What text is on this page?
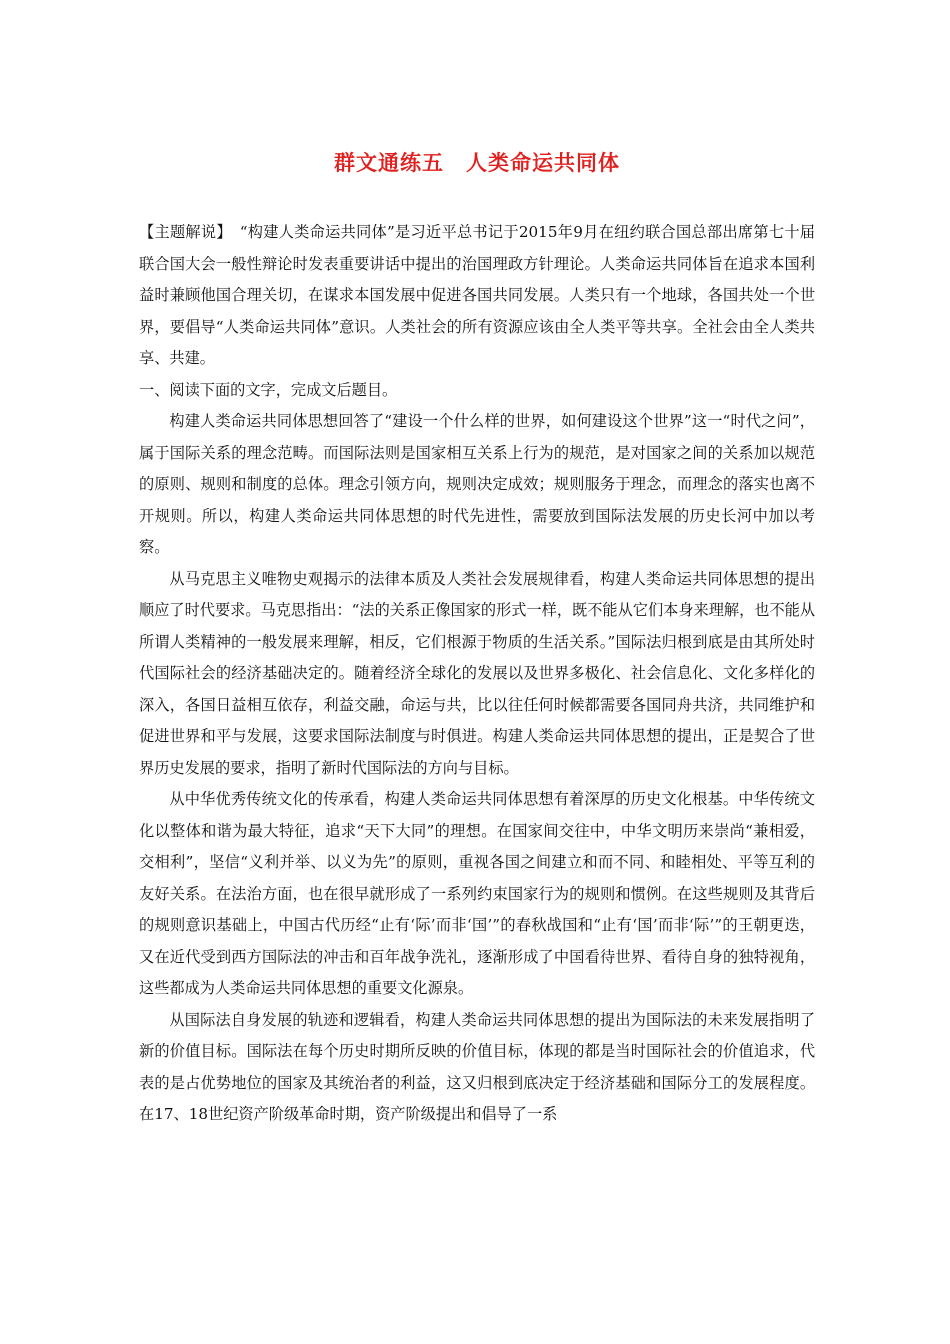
群文通练五　人类命运共同体

【主题解说】　“构建人类命运共同体”是习近平总书记于2015年9月在纽约联合国总部出席第七十届联合国大会一般性辩论时发表重要讲话中提出的治国理政方针理论。人类命运共同体旨在追求本国利益时兼顾他国合理关切，在谋求本国发展中促进各国共同发展。人类只有一个地球，各国共处一个世界，要倡导“人类命运共同体”意识。人类社会的所有资源应该由全人类平等共享。全社会由全人类共享、共建。

一、阅读下面的文字，完成文后题目。

构建人类命运共同体思想回答了“建设一个什么样的世界，如何建设这个世界”这一“时代之问”，属于国际关系的理念范畴。而国际法则是国家相互关系上行为的规范，是对国家之间的关系加以规范的原则、规则和制度的总体。理念引领方向，规则决定成效；规则服务于理念，而理念的落实也离不开规则。所以，构建人类命运共同体思想的时代先进性，需要放到国际法发展的历史长河中加以考察。

从马克思主义唯物史观揭示的法律本质及人类社会发展规律看，构建人类命运共同体思想的提出顺应了时代要求。马克思指出：“法的关系正像国家的形式一样，既不能从它们本身来理解，也不能从所谓人类精神的一般发展来理解，相反，它们根源于物质的生活关系。”国际法归根到底是由其所处时代国际社会的经济基础决定的。随着经济全球化的发展以及世界多极化、社会信息化、文化多样化的深入，各国日益相互依存，利益交融，命运与共，比以往任何时候都需要各国同舟共济，共同维护和促进世界和平与发展，这要求国际法制度与时俱进。构建人类命运共同体思想的提出，正是契合了世界历史发展的要求，指明了新时代国际法的方向与目标。

从中华优秀传统文化的传承看，构建人类命运共同体思想有着深厚的历史文化根基。中华传统文化以整体和谐为最大特征，追求“天下大同”的理想。在国家间交往中，中华文明历来崇尚“兼相爱，交相利”，坚信“义利并举、以义为先”的原则，重视各国之间建立和而不同、和睦相处、平等互利的友好关系。在法治方面，也在很早就形成了一系列约束国家行为的规则和惯例。在这些规则及其背后的规则意识基础上，中国古代历经“止有‘际’而非‘国’”的春秋战国和“止有‘国’而非‘际’”的王朝更迭，又在近代受到西方国际法的冲击和百年战争洗礼，逐渐形成了中国看待世界、看待自身的独特视角，这些都成为人类命运共同体思想的重要文化源泉。

从国际法自身发展的轨迹和逻辑看，构建人类命运共同体思想的提出为国际法的未来发展指明了新的价值目标。国际法在每个历史时期所反映的价值目标，体现的都是当时国际社会的价值追求，代表的是占优势地位的国家及其统治者的利益，这又归根到底决定于经济基础和国际分工的发展程度。在17、18世纪资产阶级革命时期，资产阶级提出和倡导了一系
